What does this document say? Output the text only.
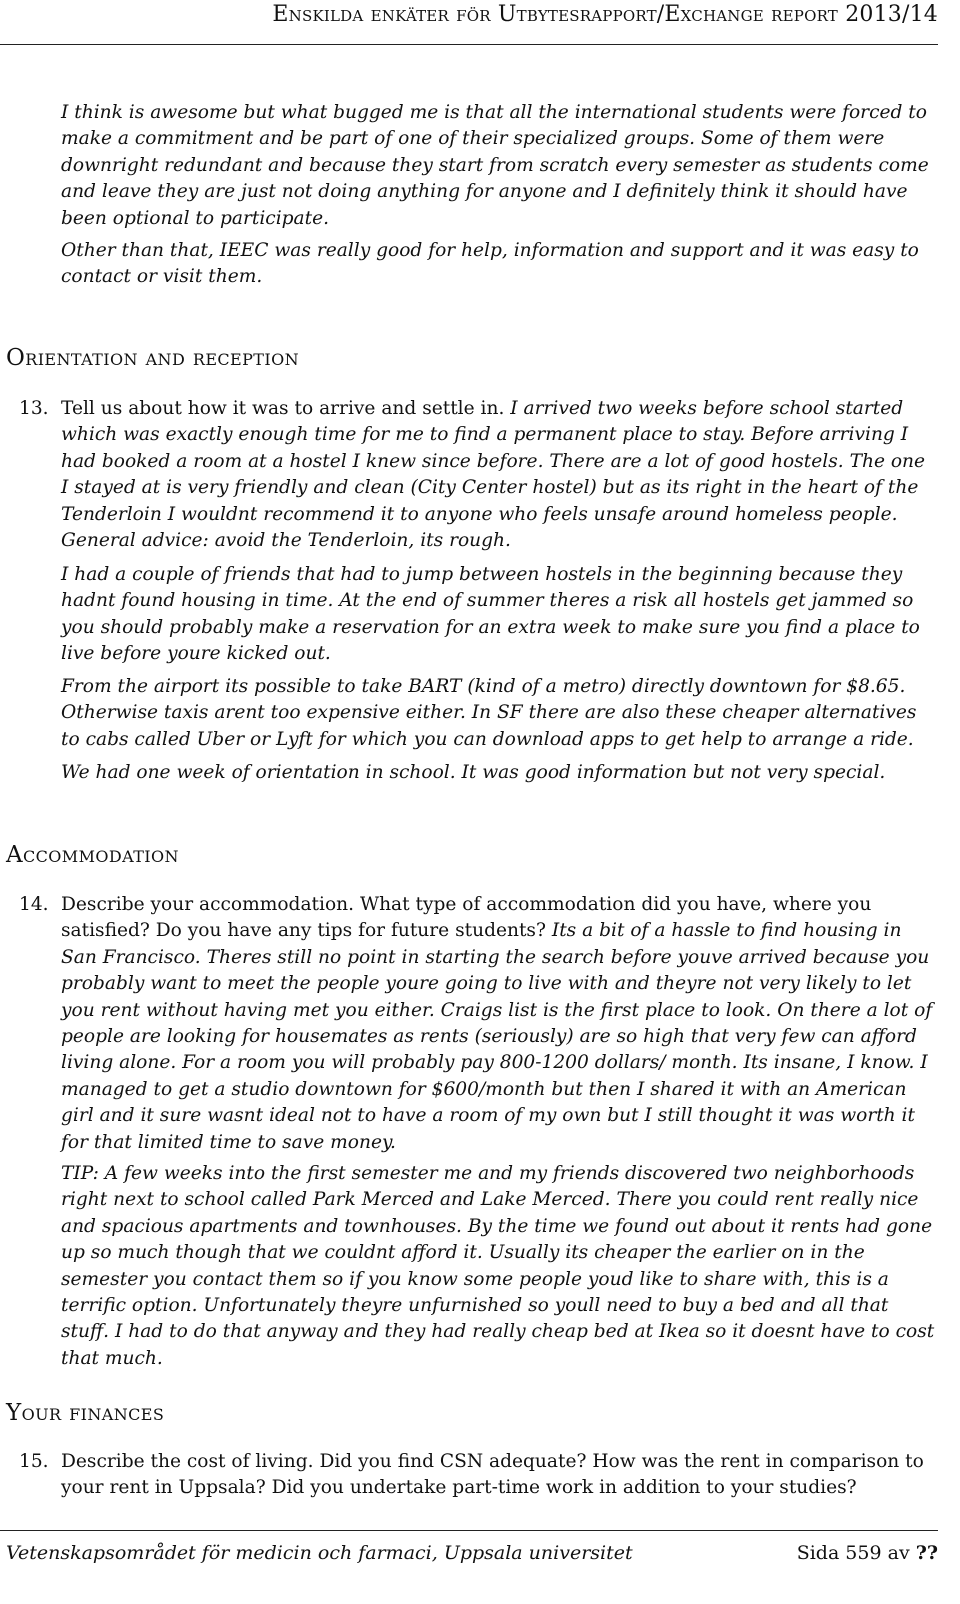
Enskilda enkäter för Utbytesrapport/Exchange report 2013/14

I think is awesome but what bugged me is that all the international students were forced to make a commitment and be part of one of their specialized groups. Some of them were downright redundant and because they start from scratch every semester as students come and leave they are just not doing anything for anyone and I definitely think it should have been optional to participate.

Other than that, IEEC was really good for help, information and support and it was easy to contact or visit them.

Orientation and reception
13. Tell us about how it was to arrive and settle in. I arrived two weeks before school started which was exactly enough time for me to find a permanent place to stay. Before arriving I had booked a room at a hostel I knew since before. There are a lot of good hostels. The one I stayed at is very friendly and clean (City Center hostel) but as its right in the heart of the Tenderloin I wouldnt recommend it to anyone who feels unsafe around homeless people. General advice: avoid the Tenderloin, its rough.

I had a couple of friends that had to jump between hostels in the beginning because they hadnt found housing in time. At the end of summer theres a risk all hostels get jammed so you should probably make a reservation for an extra week to make sure you find a place to live before youre kicked out.

From the airport its possible to take BART (kind of a metro) directly downtown for $8.65. Otherwise taxis arent too expensive either. In SF there are also these cheaper alternatives to cabs called Uber or Lyft for which you can download apps to get help to arrange a ride.

We had one week of orientation in school. It was good information but not very special.

Accommodation
14. Describe your accommodation. What type of accommodation did you have, where you satisfied? Do you have any tips for future students? Its a bit of a hassle to find housing in San Francisco. Theres still no point in starting the search before youve arrived because you probably want to meet the people youre going to live with and theyre not very likely to let you rent without having met you either. Craigs list is the first place to look. On there a lot of people are looking for housemates as rents (seriously) are so high that very few can afford living alone. For a room you will probably pay 800-1200 dollars/ month. Its insane, I know. I managed to get a studio downtown for $600/month but then I shared it with an American girl and it sure wasnt ideal not to have a room of my own but I still thought it was worth it for that limited time to save money.

TIP: A few weeks into the first semester me and my friends discovered two neighborhoods right next to school called Park Merced and Lake Merced. There you could rent really nice and spacious apartments and townhouses. By the time we found out about it rents had gone up so much though that we couldnt afford it. Usually its cheaper the earlier on in the semester you contact them so if you know some people youd like to share with, this is a terrific option. Unfortunately theyre unfurnished so youll need to buy a bed and all that stuff. I had to do that anyway and they had really cheap bed at Ikea so it doesnt have to cost that much.

Your finances
15. Describe the cost of living. Did you find CSN adequate? How was the rent in comparison to your rent in Uppsala? Did you undertake part-time work in addition to your studies?

Vetenskapsområdet för medicin och farmaci, Uppsala universitet	Sida 559 av ??
